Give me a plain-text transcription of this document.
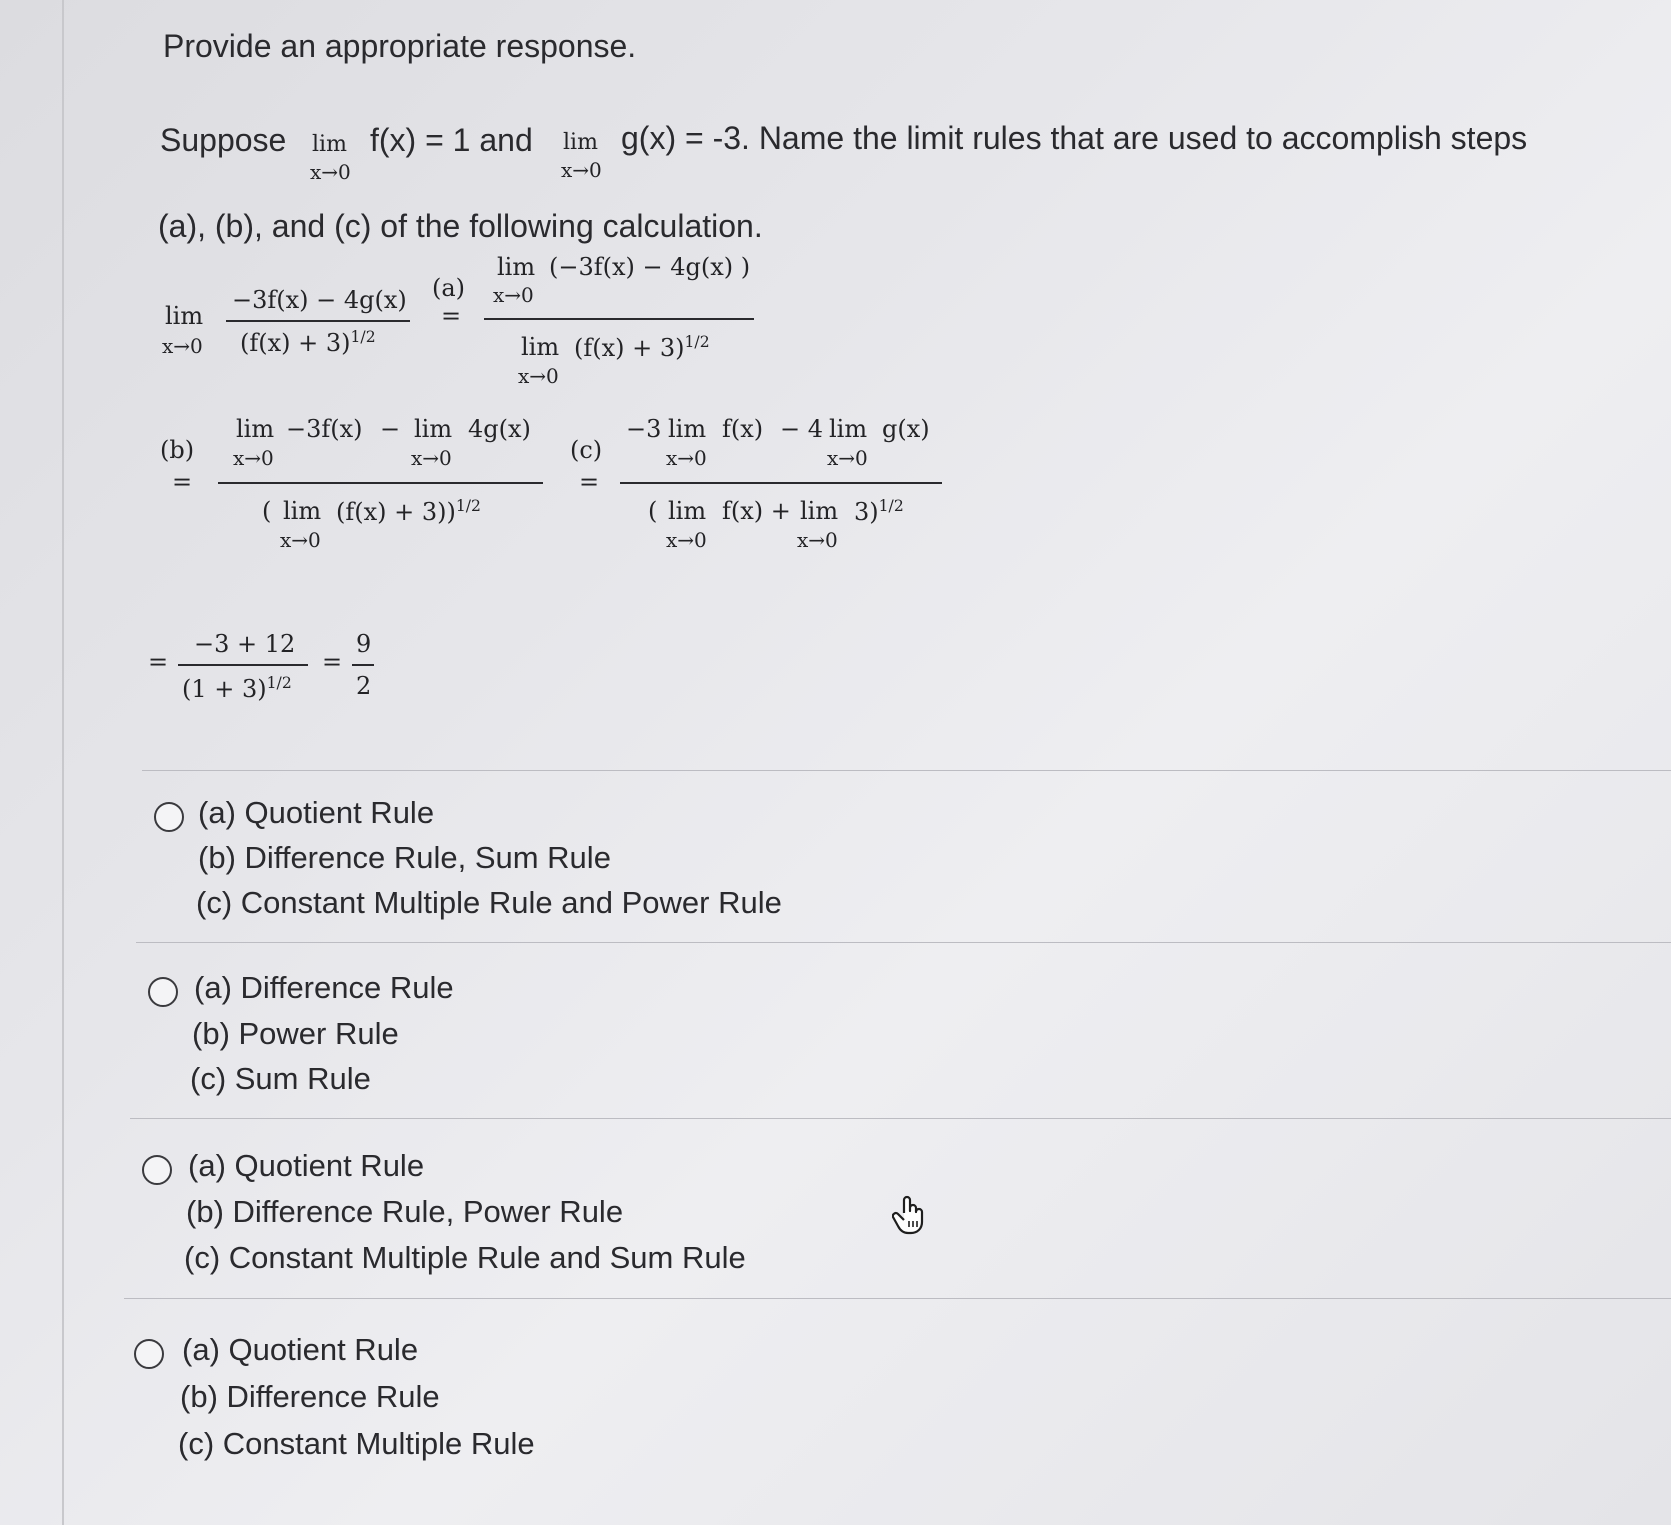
Provide an appropriate response.
Suppose lim
x→0
f(x) = 1 and lim
x→0
g(x) = -3. Name the limit rules that are used to accomplish steps
(a), (b), and (c) of the following calculation.
lim
x→0
−3f(x) − 4g(x)
$(f(x) + 3)^{1/2}$
(a)
=
lim
x→0
(−3f(x) − 4g(x) )
lim
x→0
$(f(x) + 3)^{1/2}$
(b)
=
lim
x→0
−3f(x) − lim
x→0
4g(x)
( lim
x→0
(f(x) + 3))$^{1/2}$
(c)
=
−3 lim
x→0
f(x) − 4 lim
x→0
g(x)
( lim
x→0
f(x) + lim
x→0
3)$^{1/2}$
=
−3 + 12
$(1 + 3)^{1/2}$
=
9
2
(a) Quotient Rule
(b) Difference Rule, Sum Rule
(c) Constant Multiple Rule and Power Rule
(a) Difference Rule
(b) Power Rule
(c) Sum Rule
(a) Quotient Rule
(b) Difference Rule, Power Rule
(c) Constant Multiple Rule and Sum Rule
(a) Quotient Rule
(b) Difference Rule
(c) Constant Multiple Rule
